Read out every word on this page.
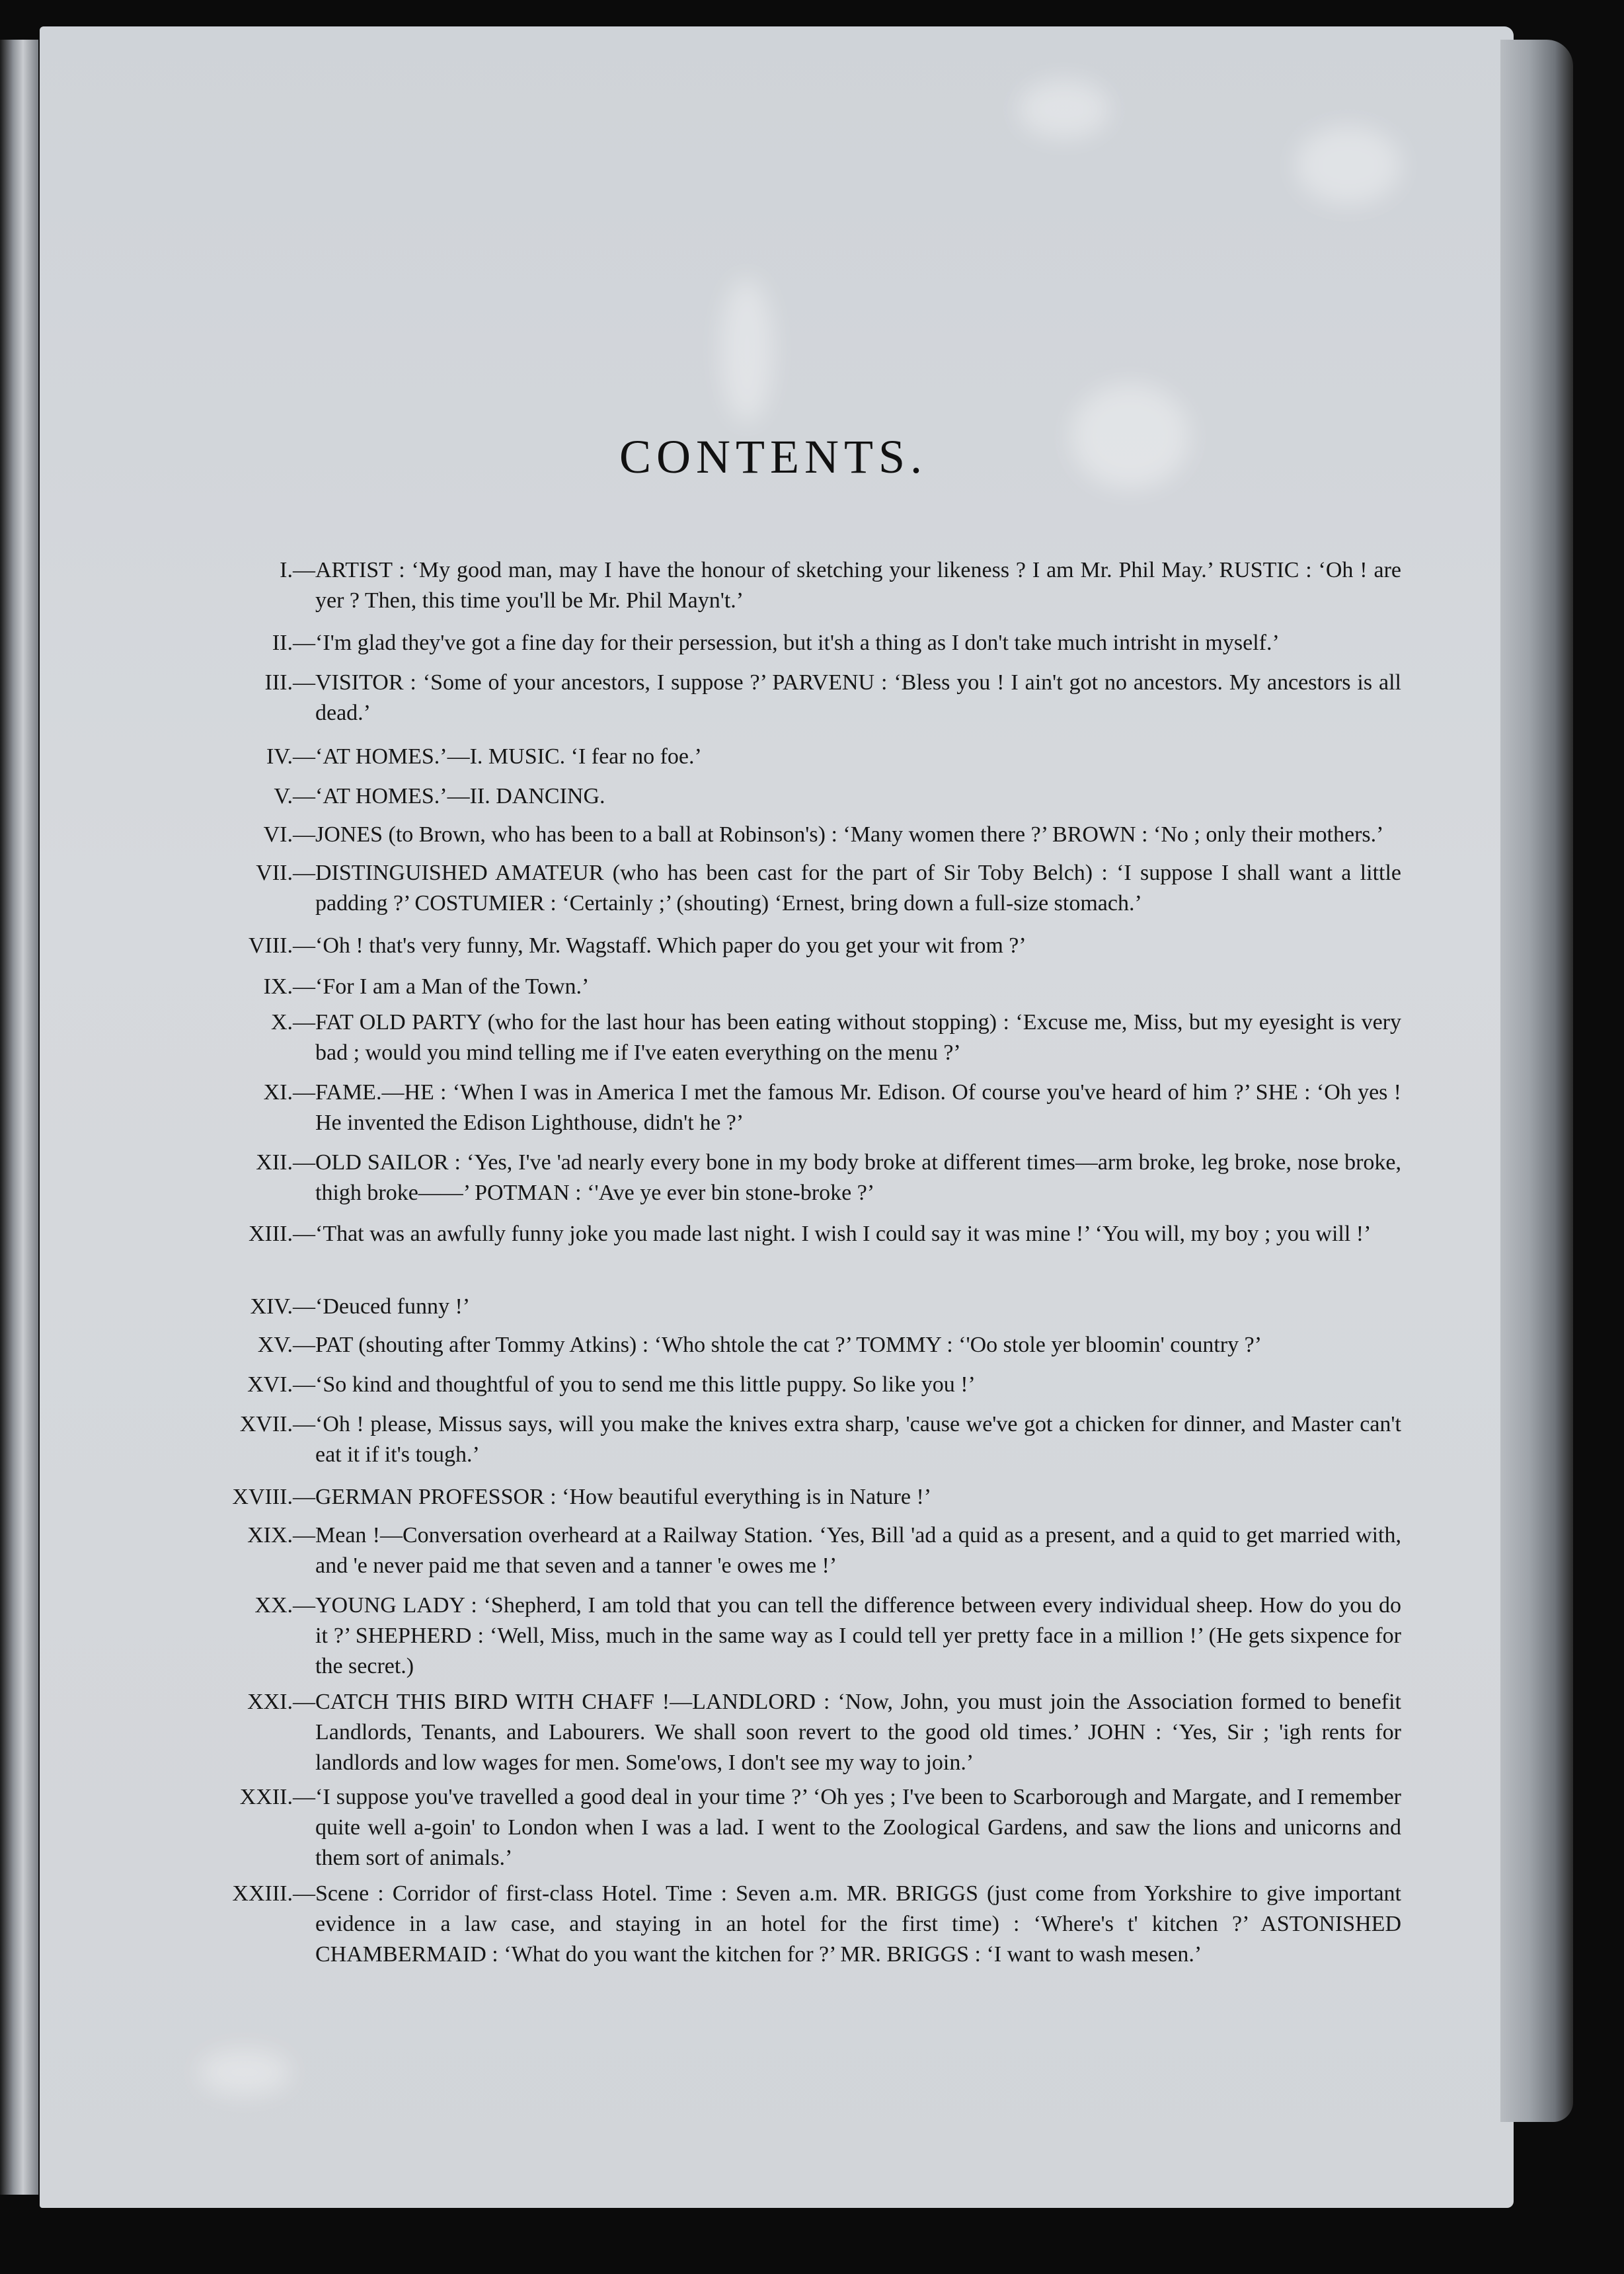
CONTENTS.
I.— ARTIST : ‘My good man, may I have the honour of sketching your likeness ? I am Mr. Phil May.’ RUSTIC : ‘Oh ! are yer ? Then, this time you'll be Mr. Phil Mayn't.’
II.— ‘I'm glad they've got a fine day for their persession, but it'sh a thing as I don't take much intrisht in myself.’
III.— VISITOR : ‘Some of your ancestors, I suppose ?’ PARVENU : ‘Bless you ! I ain't got no ancestors. My ancestors is all dead.’
IV.— ‘AT HOMES.’—I. MUSIC. ‘I fear no foe.’
V.— ‘AT HOMES.’—II. DANCING.
VI.— JONES (to Brown, who has been to a ball at Robinson's) : ‘Many women there ?’ BROWN : ‘No ; only their mothers.’
VII.— DISTINGUISHED AMATEUR (who has been cast for the part of Sir Toby Belch) : ‘I suppose I shall want a little padding ?’ COSTUMIER : ‘Certainly ;’ (shouting) ‘Ernest, bring down a full-size stomach.’
VIII.— ‘Oh ! that's very funny, Mr. Wagstaff. Which paper do you get your wit from ?’
IX.— ‘For I am a Man of the Town.’
X.— FAT OLD PARTY (who for the last hour has been eating without stopping) : ‘Excuse me, Miss, but my eyesight is very bad ; would you mind telling me if I've eaten everything on the menu ?’
XI.— FAME.—HE : ‘When I was in America I met the famous Mr. Edison. Of course you've heard of him ?’ SHE : ‘Oh yes ! He invented the Edison Lighthouse, didn't he ?’
XII.— OLD SAILOR : ‘Yes, I've 'ad nearly every bone in my body broke at different times—arm broke, leg broke, nose broke, thigh broke——’ POTMAN : ‘'Ave ye ever bin stone-broke ?’
XIII.— ‘That was an awfully funny joke you made last night. I wish I could say it was mine !’ ‘You will, my boy ; you will !’
XIV.— ‘Deuced funny !’
XV.— PAT (shouting after Tommy Atkins) : ‘Who shtole the cat ?’ TOMMY : ‘'Oo stole yer bloomin' country ?’
XVI.— ‘So kind and thoughtful of you to send me this little puppy. So like you !’
XVII.— ‘Oh ! please, Missus says, will you make the knives extra sharp, 'cause we've got a chicken for dinner, and Master can't eat it if it's tough.’
XVIII.— GERMAN PROFESSOR : ‘How beautiful everything is in Nature !’
XIX.— Mean !—Conversation overheard at a Railway Station. ‘Yes, Bill 'ad a quid as a present, and a quid to get married with, and 'e never paid me that seven and a tanner 'e owes me !’
XX.— YOUNG LADY : ‘Shepherd, I am told that you can tell the difference between every individual sheep. How do you do it ?’ SHEPHERD : ‘Well, Miss, much in the same way as I could tell yer pretty face in a million !’ (He gets sixpence for the secret.)
XXI.— CATCH THIS BIRD WITH CHAFF !—LANDLORD : ‘Now, John, you must join the Association formed to benefit Landlords, Tenants, and Labourers. We shall soon revert to the good old times.’ JOHN : ‘Yes, Sir ; 'igh rents for landlords and low wages for men. Some'ows, I don't see my way to join.’
XXII.— ‘I suppose you've travelled a good deal in your time ?’ ‘Oh yes ; I've been to Scarborough and Margate, and I remember quite well a-goin' to London when I was a lad. I went to the Zoological Gardens, and saw the lions and unicorns and them sort of animals.’
XXIII.— Scene : Corridor of first-class Hotel. Time : Seven a.m. MR. BRIGGS (just come from Yorkshire to give important evidence in a law case, and staying in an hotel for the first time) : ‘Where's t' kitchen ?’ ASTONISHED CHAMBERMAID : ‘What do you want the kitchen for ?’ MR. BRIGGS : ‘I want to wash mesen.’
